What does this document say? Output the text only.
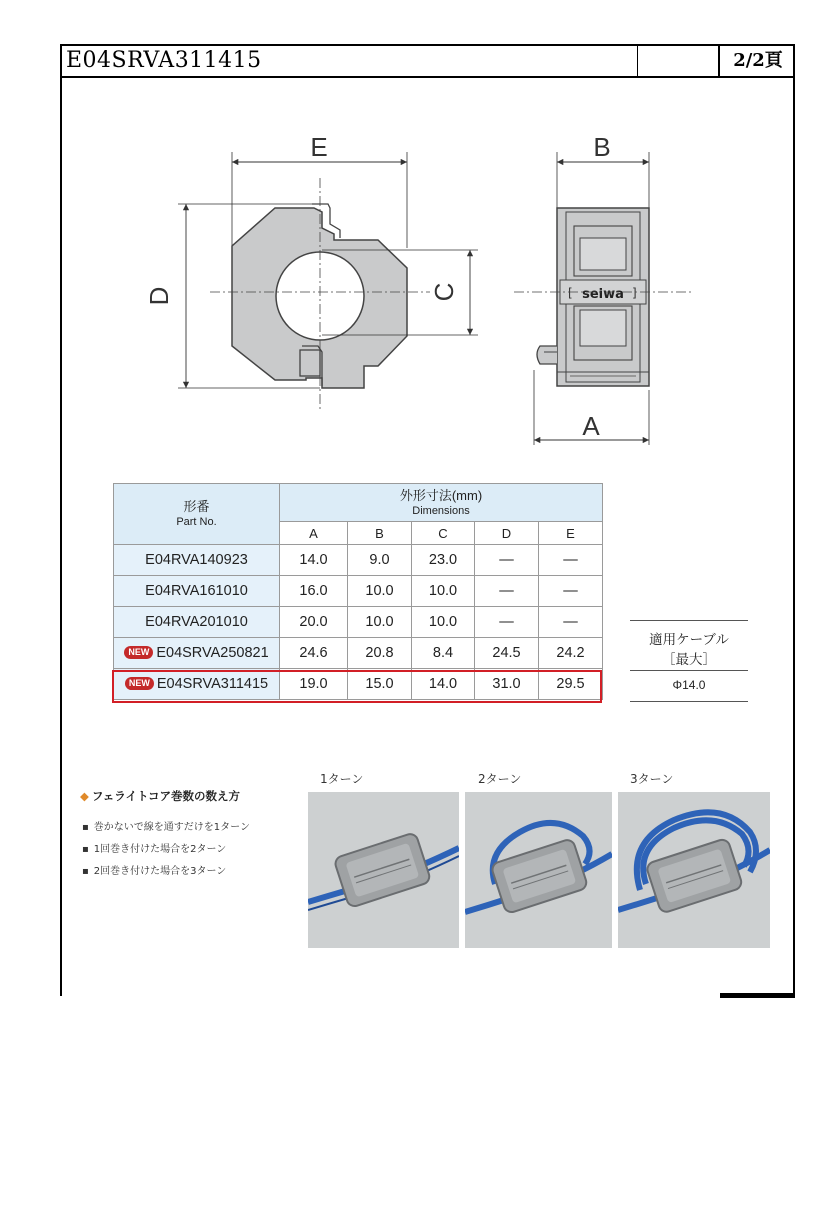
E04SRVA311415	2/2頁
E
D	C
B
seiwa
[	]
A
形番
Part No.	外形寸法(mm)
Dimensions				

	A	B	C	D	E
E04RVA140923	14.0	9.0	23.0	—	—
E04RVA161010	16.0	10.0	10.0	—	—
E04RVA201010	20.0	10.0	10.0	—	—
NEW E04SRVA250821	24.6	20.8	8.4	24.5	24.2
NEW E04SRVA311415	19.0	15.0	14.0	31.0	29.5
適用ケーブル
［最大］
Φ14.0
◆ フェライトコア巻数の数え方
▪ 巻かないで線を通すだけを1ターン
▪ 1回巻き付けた場合を2ターン
▪ 2回巻き付けた場合を3ターン
1ターン	2ターン	3ターン
